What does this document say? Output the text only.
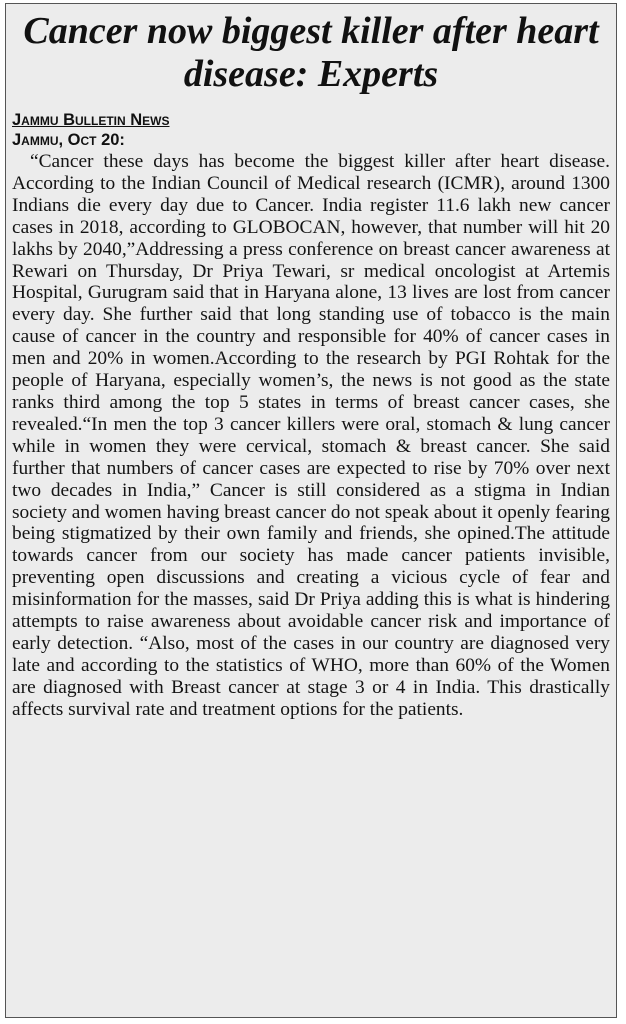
Cancer now biggest killer after heart disease: Experts
Jammu Bulletin News
Jammu, Oct 20:
“Cancer these days has become the biggest killer after heart disease. According to the Indian Council of Medical research (ICMR), around 1300 Indians die every day due to Cancer. India register 11.6 lakh new cancer cases in 2018, according to GLOBOCAN, however, that number will hit 20 lakhs by 2040,”Addressing a press conference on breast cancer awareness at Rewari on Thursday, Dr Priya Tewari, sr medical oncologist at Artemis Hospital, Gurugram said that in Haryana alone, 13 lives are lost from cancer every day. She further said that long standing use of tobacco is the main cause of cancer in the country and responsible for 40% of cancer cases in men and 20% in women.According to the research by PGI Rohtak for the people of Haryana, especially women’s, the news is not good as the state ranks third among the top 5 states in terms of breast cancer cases, she revealed.“In men the top 3 cancer killers were oral, stomach & lung cancer while in women they were cervical, stomach & breast cancer. She said further that numbers of cancer cases are expected to rise by 70% over next two decades in India,” Cancer is still considered as a stigma in Indian society and women having breast cancer do not speak about it openly fearing being stigmatized by their own family and friends, she opined.The attitude towards cancer from our society has made cancer patients invisible, preventing open discussions and creating a vicious cycle of fear and misinformation for the masses, said Dr Priya adding this is what is hindering attempts to raise awareness about avoidable cancer risk and importance of early detection. “Also, most of the cases in our country are diagnosed very late and according to the statistics of WHO, more than 60% of the Women are diagnosed with Breast cancer at stage 3 or 4 in India. This drastically affects survival rate and treatment options for the patients.
